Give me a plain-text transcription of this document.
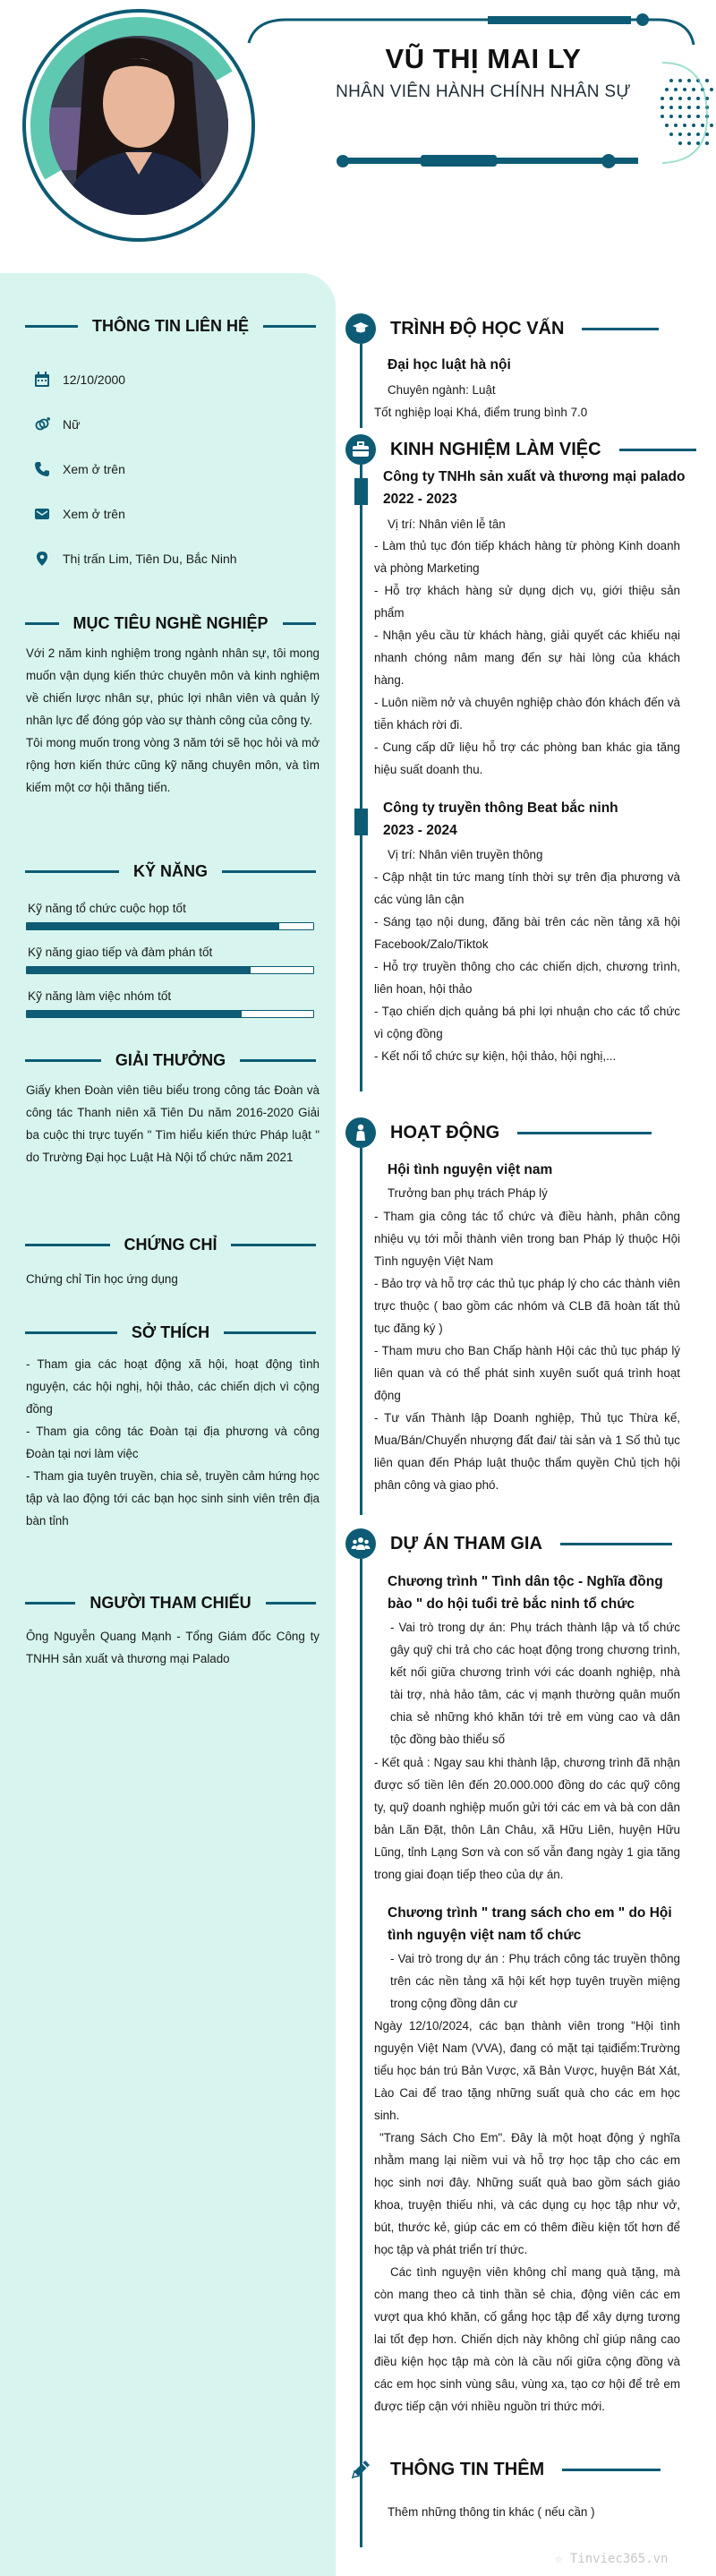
VŨ THỊ MAI LY
NHÂN VIÊN HÀNH CHÍNH NHÂN SỰ
THÔNG TIN LIÊN HỆ
12/10/2000
Nữ
Xem ở trên
Xem ở trên
Thị trấn Lim, Tiên Du, Bắc Ninh
MỤC TIÊU NGHỀ NGHIỆP
Với 2 năm kinh nghiệm trong ngành nhân sự, tôi mong muốn vận dụng kiến thức chuyên môn và kinh nghiệm về chiến lược nhân sự, phúc lợi nhân viên và quản lý nhân lực để đóng góp vào sự thành công của công ty.
Tôi mong muốn trong vòng 3 năm tới sẽ học hỏi và mở rộng hơn kiến thức cũng kỹ năng chuyên môn, và tìm kiếm một cơ hội thăng tiến.
KỸ NĂNG
Kỹ năng tổ chức cuộc họp tốt
Kỹ năng giao tiếp và đàm phán tốt
Kỹ năng làm việc nhóm tốt
GIẢI THƯỞNG
Giấy khen Đoàn viên tiêu biểu trong công tác Đoàn và công tác Thanh niên xã Tiên Du năm 2016-2020 Giải ba cuộc thi trực tuyến " Tìm hiểu kiến thức Pháp luật " do Trường Đại học Luật Hà Nội tổ chức năm 2021
CHỨNG CHỈ
Chứng chỉ Tin học ứng dụng
SỞ THÍCH
- Tham gia các hoạt động xã hội, hoạt động tình nguyện, các hội nghị, hội thảo, các chiến dịch vì cộng đồng
- Tham gia công tác Đoàn tại địa phương và công Đoàn tại nơi làm việc
- Tham gia tuyên truyền, chia sẻ, truyền cảm hứng học tập và lao động tới các bạn học sinh sinh viên trên địa bàn tỉnh
NGƯỜI THAM CHIẾU
Ông Nguyễn Quang Mạnh - Tổng Giám đốc Công ty TNHH sản xuất và thương mại Palado
TRÌNH ĐỘ HỌC VẤN
Đại học luật hà nội
Chuyên ngành: Luật
Tốt nghiệp loại Khá, điểm trung bình 7.0
KINH NGHIỆM LÀM VIỆC
Công ty TNHh sản xuất và thương mại palado
2022 - 2023
Vị trí: Nhân viên lễ tân
- Làm thủ tục đón tiếp khách hàng từ phòng Kinh doanh và phòng Marketing
- Hỗ trợ khách hàng sử dụng dịch vụ, giới thiệu sản phẩm
- Nhận yêu cầu từ khách hàng, giải quyết các khiếu nại nhanh chóng nâm mang đến sự hài lòng của khách hàng.
- Luôn niềm nở và chuyên nghiệp chào đón khách đến và tiễn khách rời đi.
- Cung cấp dữ liệu hỗ trợ các phòng ban khác gia tăng hiệu suất doanh thu.
Công ty truyền thông Beat bắc ninh
2023 - 2024
Vị trí: Nhân viên truyền thông
- Cập nhật tin tức mang tính thời sự trên địa phương và các vùng lân cận
- Sáng tạo nội dung, đăng bài trên các nền tảng xã hội Facebook/Zalo/Tiktok
- Hỗ trợ truyền thông cho các chiến dịch, chương trình, liên hoan, hội thảo
- Tạo chiến dịch quảng bá phi lợi nhuận cho các tổ chức vì cộng đồng
- Kết nối tổ chức sự kiện, hội thảo, hội nghị,...
HOẠT ĐỘNG
Hội tình nguyện việt nam
Trưởng ban phụ trách Pháp lý
- Tham gia công tác tổ chức và điều hành, phân công nhiệu vụ tới mỗi thành viên trong ban Pháp lý thuộc Hội Tình nguyện Việt Nam
- Bảo trợ và hỗ trợ các thủ tục pháp lý cho các thành viên trực thuộc ( bao gồm các nhóm và CLB đã hoàn tất thủ tục đăng ký )
- Tham mưu cho Ban Chấp hành Hội các thủ tục pháp lý liên quan và có thể phát sinh xuyên suốt quá trình hoạt động
- Tư vấn Thành lập Doanh nghiệp, Thủ tục Thừa kế, Mua/Bán/Chuyển nhượng đất đai/ tài sản và 1 Số thủ tục liên quan đến Pháp luật thuộc thẩm quyền Chủ tịch hội phân công và giao phó.
DỰ ÁN THAM GIA
Chương trình " Tình dân tộc - Nghĩa đồng bào " do hội tuổi trẻ bắc ninh tổ chức
- Vai trò trong dự án: Phụ trách thành lập và tổ chức gây quỹ chi trả cho các hoạt động trong chương trình, kết nối giữa chương trình với các doanh nghiệp, nhà tài trợ, nhà hảo tâm, các vị mạnh thường quân muốn chia sẻ những khó khăn tới trẻ em vùng cao và dân tộc đồng bào thiểu số
- Kết quả : Ngay sau khi thành lập, chương trình đã nhận được số tiền lên đến 20.000.000 đồng do các quỹ công ty, quỹ doanh nghiệp muốn gửi tới các em và bà con dân bản Lãn Đặt, thôn Lân Châu, xã Hữu Liên, huyện Hữu Lũng, tỉnh Lạng Sơn và con số vẫn đang ngày 1 gia tăng trong giai đoạn tiếp theo của dự án.
Chương trình " trang sách cho em " do Hội tình nguyện việt nam tổ chức
- Vai trò trong dự án : Phụ trách công tác truyền thông trên các nền tảng xã hội kết hợp tuyên truyền miệng trong cộng đồng dân cư
Ngày 12/10/2024, các bạn thành viên trong "Hội tình nguyện Việt Nam (VVA), đang có mặt tại tạiđiểm:Trường tiểu học bán trú Bản Vược, xã Bản Vược, huyện Bát Xát, Lào Cai để trao tặng những suất quà cho các em học sinh.
"Trang Sách Cho Em". Đây là một hoạt động ý nghĩa nhằm mang lại niềm vui và hỗ trợ học tập cho các em học sinh nơi đây. Những suất quà bao gồm sách giáo khoa, truyện thiếu nhi, và các dụng cụ học tập như vở, bút, thước kẻ, giúp các em có thêm điều kiện tốt hơn để học tập và phát triển trí thức.
Các tình nguyện viên không chỉ mang quà tặng, mà còn mang theo cả tinh thần sẻ chia, động viên các em vượt qua khó khăn, cố gắng học tập để xây dựng tương lai tốt đẹp hơn. Chiến dịch này không chỉ giúp nâng cao điều kiện học tập mà còn là cầu nối giữa cộng đồng và các em học sinh vùng sâu, vùng xa, tạo cơ hội để trẻ em được tiếp cận với nhiều nguồn tri thức mới.
THÔNG TIN THÊM
Thêm những thông tin khác ( nếu cần )
☆ Tinviec365.vn
